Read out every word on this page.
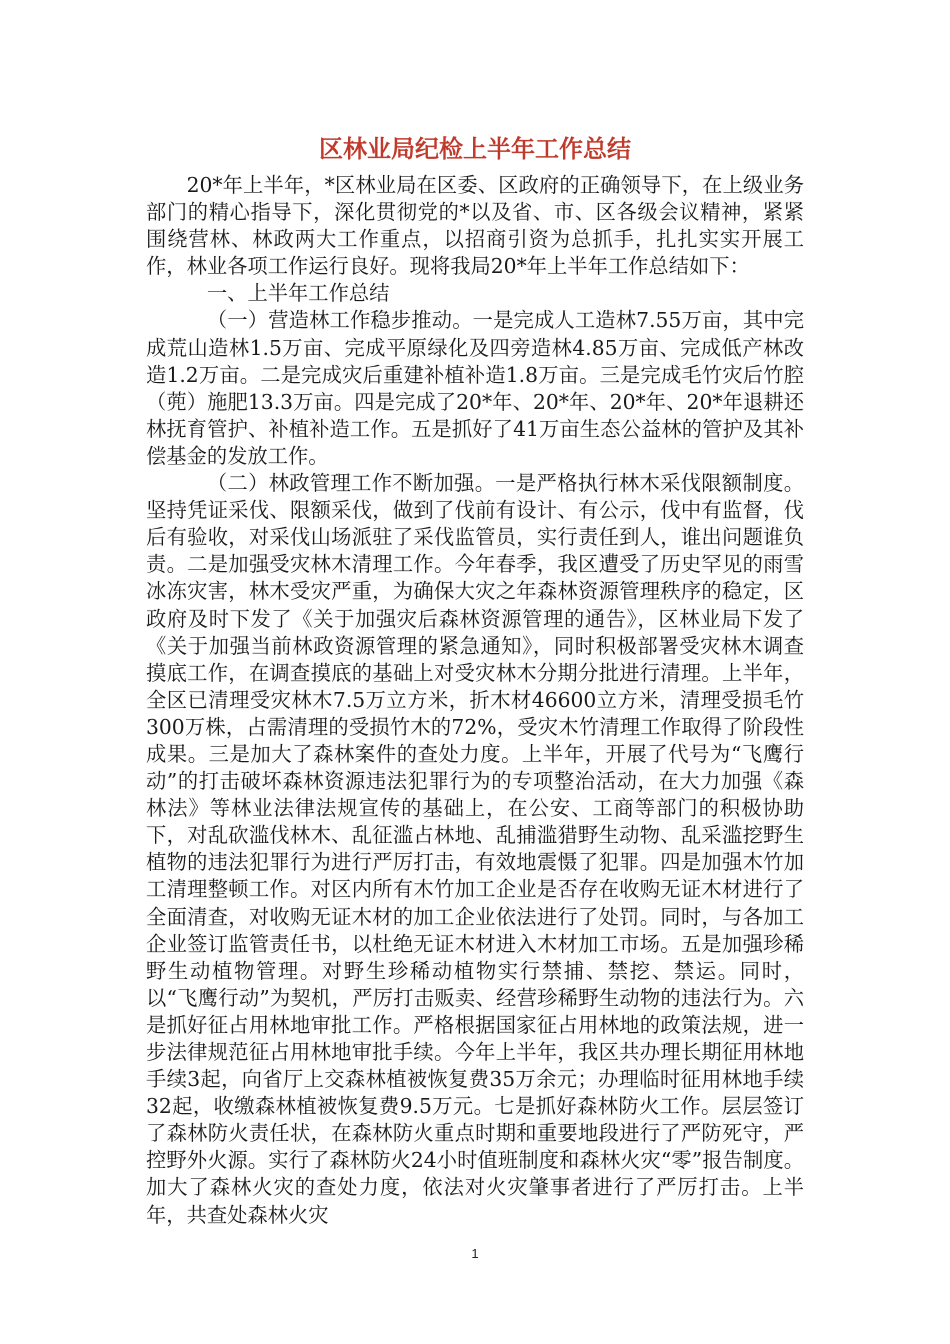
区林业局纪检上半年工作总结

20*年上半年，*区林业局在区委、区政府的正确领导下，在上级业务部门的精心指导下，深化贯彻党的*以及省、市、区各级会议精神，紧紧围绕营林、林政两大工作重点，以招商引资为总抓手，扎扎实实开展工作，林业各项工作运行良好。现将我局20*年上半年工作总结如下：

一、上半年工作总结

（一）营造林工作稳步推动。一是完成人工造林7.55万亩，其中完成荒山造林1.5万亩、完成平原绿化及四旁造林4.85万亩、完成低产林改造1.2万亩。二是完成灾后重建补植补造1.8万亩。三是完成毛竹灾后竹腔（蔸）施肥13.3万亩。四是完成了20*年、20*年、20*年、20*年退耕还林抚育管护、补植补造工作。五是抓好了41万亩生态公益林的管护及其补偿基金的发放工作。

（二）林政管理工作不断加强。一是严格执行林木采伐限额制度。坚持凭证采伐、限额采伐，做到了伐前有设计、有公示，伐中有监督，伐后有验收，对采伐山场派驻了采伐监管员，实行责任到人，谁出问题谁负责。二是加强受灾林木清理工作。今年春季，我区遭受了历史罕见的雨雪冰冻灾害，林木受灾严重，为确保大灾之年森林资源管理秩序的稳定，区政府及时下发了《关于加强灾后森林资源管理的通告》，区林业局下发了《关于加强当前林政资源管理的紧急通知》，同时积极部署受灾林木调查摸底工作，在调查摸底的基础上对受灾林木分期分批进行清理。上半年，全区已清理受灾林木7.5万立方米，折木材46600立方米，清理受损毛竹300万株，占需清理的受损竹木的72%，受灾木竹清理工作取得了阶段性成果。三是加大了森林案件的查处力度。上半年，开展了代号为“飞鹰行动”的打击破坏森林资源违法犯罪行为的专项整治活动，在大力加强《森林法》等林业法律法规宣传的基础上，在公安、工商等部门的积极协助下，对乱砍滥伐林木、乱征滥占林地、乱捕滥猎野生动物、乱采滥挖野生植物的违法犯罪行为进行严厉打击，有效地震慑了犯罪。四是加强木竹加工清理整顿工作。对区内所有木竹加工企业是否存在收购无证木材进行了全面清查，对收购无证木材的加工企业依法进行了处罚。同时，与各加工企业签订监管责任书，以杜绝无证木材进入木材加工市场。五是加强珍稀野生动植物管理。对野生珍稀动植物实行禁捕、禁挖、禁运。同时，以“飞鹰行动”为契机，严厉打击贩卖、经营珍稀野生动物的违法行为。六是抓好征占用林地审批工作。严格根据国家征占用林地的政策法规，进一步法律规范征占用林地审批手续。今年上半年，我区共办理长期征用林地手续3起，向省厅上交森林植被恢复费35万余元；办理临时征用林地手续32起，收缴森林植被恢复费9.5万元。七是抓好森林防火工作。层层签订了森林防火责任状，在森林防火重点时期和重要地段进行了严防死守，严控野外火源。实行了森林防火24小时值班制度和森林火灾“零”报告制度。加大了森林火灾的查处力度，依法对火灾肇事者进行了严厉打击。上半年，共查处森林火灾

1
